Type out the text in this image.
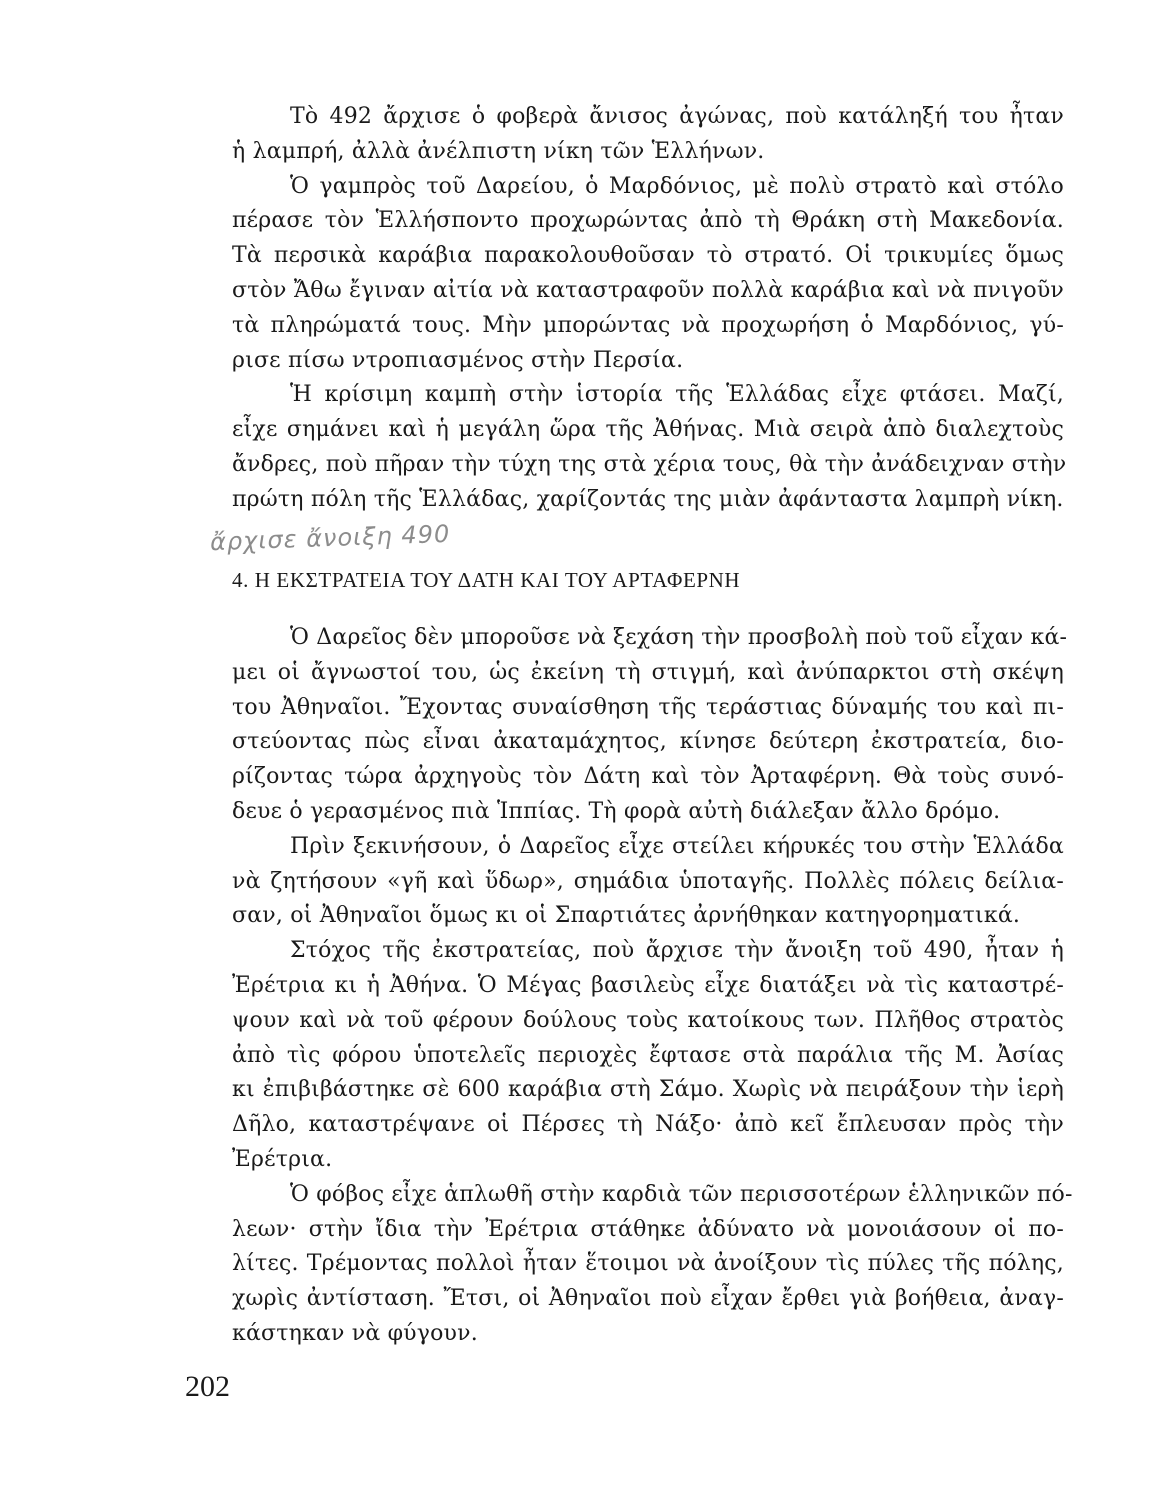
Τὸ 492 ἄρχισε ὁ φοβερὰ ἄνισος ἀγώνας, ποὺ κατάληξή του ἦταν
ἡ λαμπρή, ἀλλὰ ἀνέλπιστη νίκη τῶν Ἑλλήνων.
Ὁ γαμπρὸς τοῦ Δαρείου, ὁ Μαρδόνιος, μὲ πολὺ στρατὸ καὶ στόλο
πέρασε τὸν Ἑλλήσποντο προχωρώντας ἀπὸ τὴ Θράκη στὴ Μακεδονία.
Τὰ περσικὰ καράβια παρακολουθοῦσαν τὸ στρατό. Οἱ τρικυμίες ὅμως
στὸν Ἄθω ἔγιναν αἰτία νὰ καταστραφοῦν πολλὰ καράβια καὶ νὰ πνιγοῦν
τὰ πληρώματά τους. Μὴν μπορώντας νὰ προχωρήση ὁ Μαρδόνιος, γύ-
ρισε πίσω ντροπιασμένος στὴν Περσία.
Ἡ κρίσιμη καμπὴ στὴν ἱστορία τῆς Ἑλλάδας εἶχε φτάσει. Μαζί,
εἶχε σημάνει καὶ ἡ μεγάλη ὥρα τῆς Ἀθήνας. Μιὰ σειρὰ ἀπὸ διαλεχτοὺς
ἄνδρες, ποὺ πῆραν τὴν τύχη της στὰ χέρια τους, θὰ τὴν ἀνάδειχναν στὴν
πρώτη πόλη τῆς Ἑλλάδας, χαρίζοντάς της μιὰν ἀφάνταστα λαμπρὴ νίκη.
ἄρχισε ἄνοιξη 490
4. Η ΕΚΣΤΡΑΤΕΙΑ ΤΟΥ ΔΑΤΗ ΚΑΙ ΤΟΥ ΑΡΤΑΦΕΡΝΗ
Ὁ Δαρεῖος δὲν μποροῦσε νὰ ξεχάση τὴν προσβολὴ ποὺ τοῦ εἶχαν κά-
μει οἱ ἄγνωστοί του, ὡς ἐκείνη τὴ στιγμή, καὶ ἀνύπαρκτοι στὴ σκέψη
του Ἀθηναῖοι. Ἔχοντας συναίσθηση τῆς τεράστιας δύναμής του καὶ πι-
στεύοντας πὼς εἶναι ἀκαταμάχητος, κίνησε δεύτερη ἐκστρατεία, διο-
ρίζοντας τώρα ἀρχηγοὺς τὸν Δάτη καὶ τὸν Ἀρταφέρνη. Θὰ τοὺς συνό-
δευε ὁ γερασμένος πιὰ Ἱππίας. Τὴ φορὰ αὐτὴ διάλεξαν ἄλλο δρόμο.
Πρὶν ξεκινήσουν, ὁ Δαρεῖος εἶχε στείλει κήρυκές του στὴν Ἑλλάδα
νὰ ζητήσουν «γῆ καὶ ὕδωρ», σημάδια ὑποταγῆς. Πολλὲς πόλεις δείλια-
σαν, οἱ Ἀθηναῖοι ὅμως κι οἱ Σπαρτιάτες ἀρνήθηκαν κατηγορηματικά.
Στόχος τῆς ἐκστρατείας, ποὺ ἄρχισε τὴν ἄνοιξη τοῦ 490, ἦταν ἡ
Ἐρέτρια κι ἡ Ἀθήνα. Ὁ Μέγας βασιλεὺς εἶχε διατάξει νὰ τὶς καταστρέ-
ψουν καὶ νὰ τοῦ φέρουν δούλους τοὺς κατοίκους των. Πλῆθος στρατὸς
ἀπὸ τὶς φόρου ὑποτελεῖς περιοχὲς ἔφτασε στὰ παράλια τῆς Μ. Ἀσίας
κι ἐπιβιβάστηκε σὲ 600 καράβια στὴ Σάμο. Χωρὶς νὰ πειράξουν τὴν ἱερὴ
Δῆλο, καταστρέψανε οἱ Πέρσες τὴ Νάξο· ἀπὸ κεῖ ἔπλευσαν πρὸς τὴν
Ἐρέτρια.
Ὁ φόβος εἶχε ἁπλωθῆ στὴν καρδιὰ τῶν περισσοτέρων ἑλληνικῶν πό-
λεων· στὴν ἴδια τὴν Ἐρέτρια στάθηκε ἀδύνατο νὰ μονοιάσουν οἱ πο-
λίτες. Τρέμοντας πολλοὶ ἦταν ἕτοιμοι νὰ ἀνοίξουν τὶς πύλες τῆς πόλης,
χωρὶς ἀντίσταση. Ἔτσι, οἱ Ἀθηναῖοι ποὺ εἶχαν ἔρθει γιὰ βοήθεια, ἀναγ-
κάστηκαν νὰ φύγουν.
202
